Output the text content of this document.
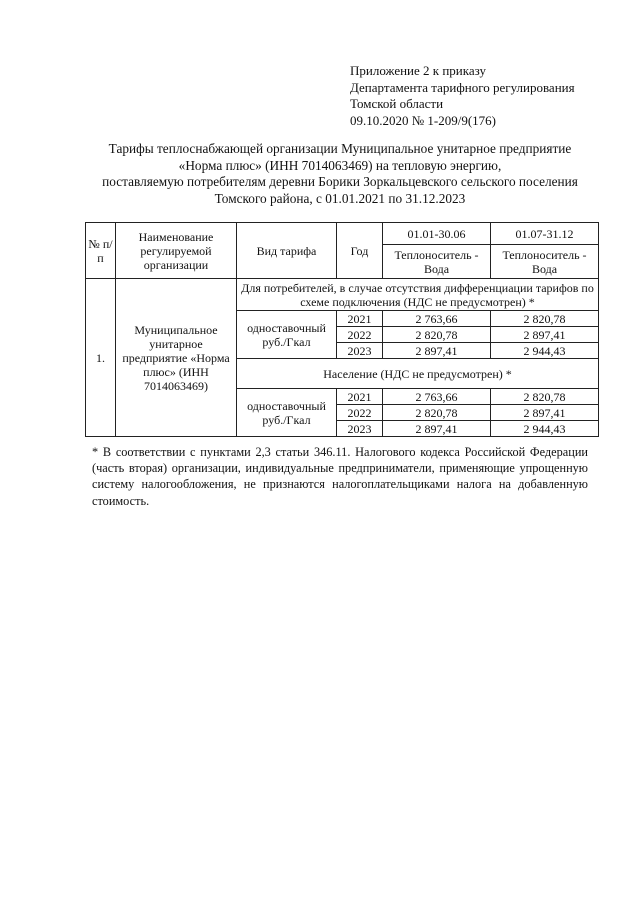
Приложение 2 к приказу
Департамента тарифного регулирования
Томской области
09.10.2020 № 1-209/9(176)
Тарифы теплоснабжающей организации Муниципальное унитарное предприятие
«Норма плюс» (ИНН 7014063469) на тепловую энергию,
поставляемую потребителям деревни Борики Зоркальцевского сельского поселения
Томского района, с 01.01.2021 по 31.12.2023
№ п/п	Наименование регулируемой организации	Вид тарифа	Год	01.01-30.06	01.07-31.12
				Теплоноситель - Вода	Теплоноситель - Вода
1.	Муниципальное унитарное предприятие «Норма плюс» (ИНН 7014063469)	Для потребителей, в случае отсутствия дифференциации тарифов по схеме подключения (НДС не предусмотрен) *			
		одноставочный руб./Гкал	2021	2 763,66	2 820,78
			2022	2 820,78	2 897,41
			2023	2 897,41	2 944,43
		Население (НДС не предусмотрен) *			
		одноставочный руб./Гкал	2021	2 763,66	2 820,78
			2022	2 820,78	2 897,41
			2023	2 897,41	2 944,43
* В соответствии с пунктами 2,3 статьи 346.11. Налогового кодекса Российской Федерации (часть вторая) организации, индивидуальные предприниматели, применяющие упрощенную систему налогообложения, не признаются налогоплательщиками налога на добавленную стоимость.
